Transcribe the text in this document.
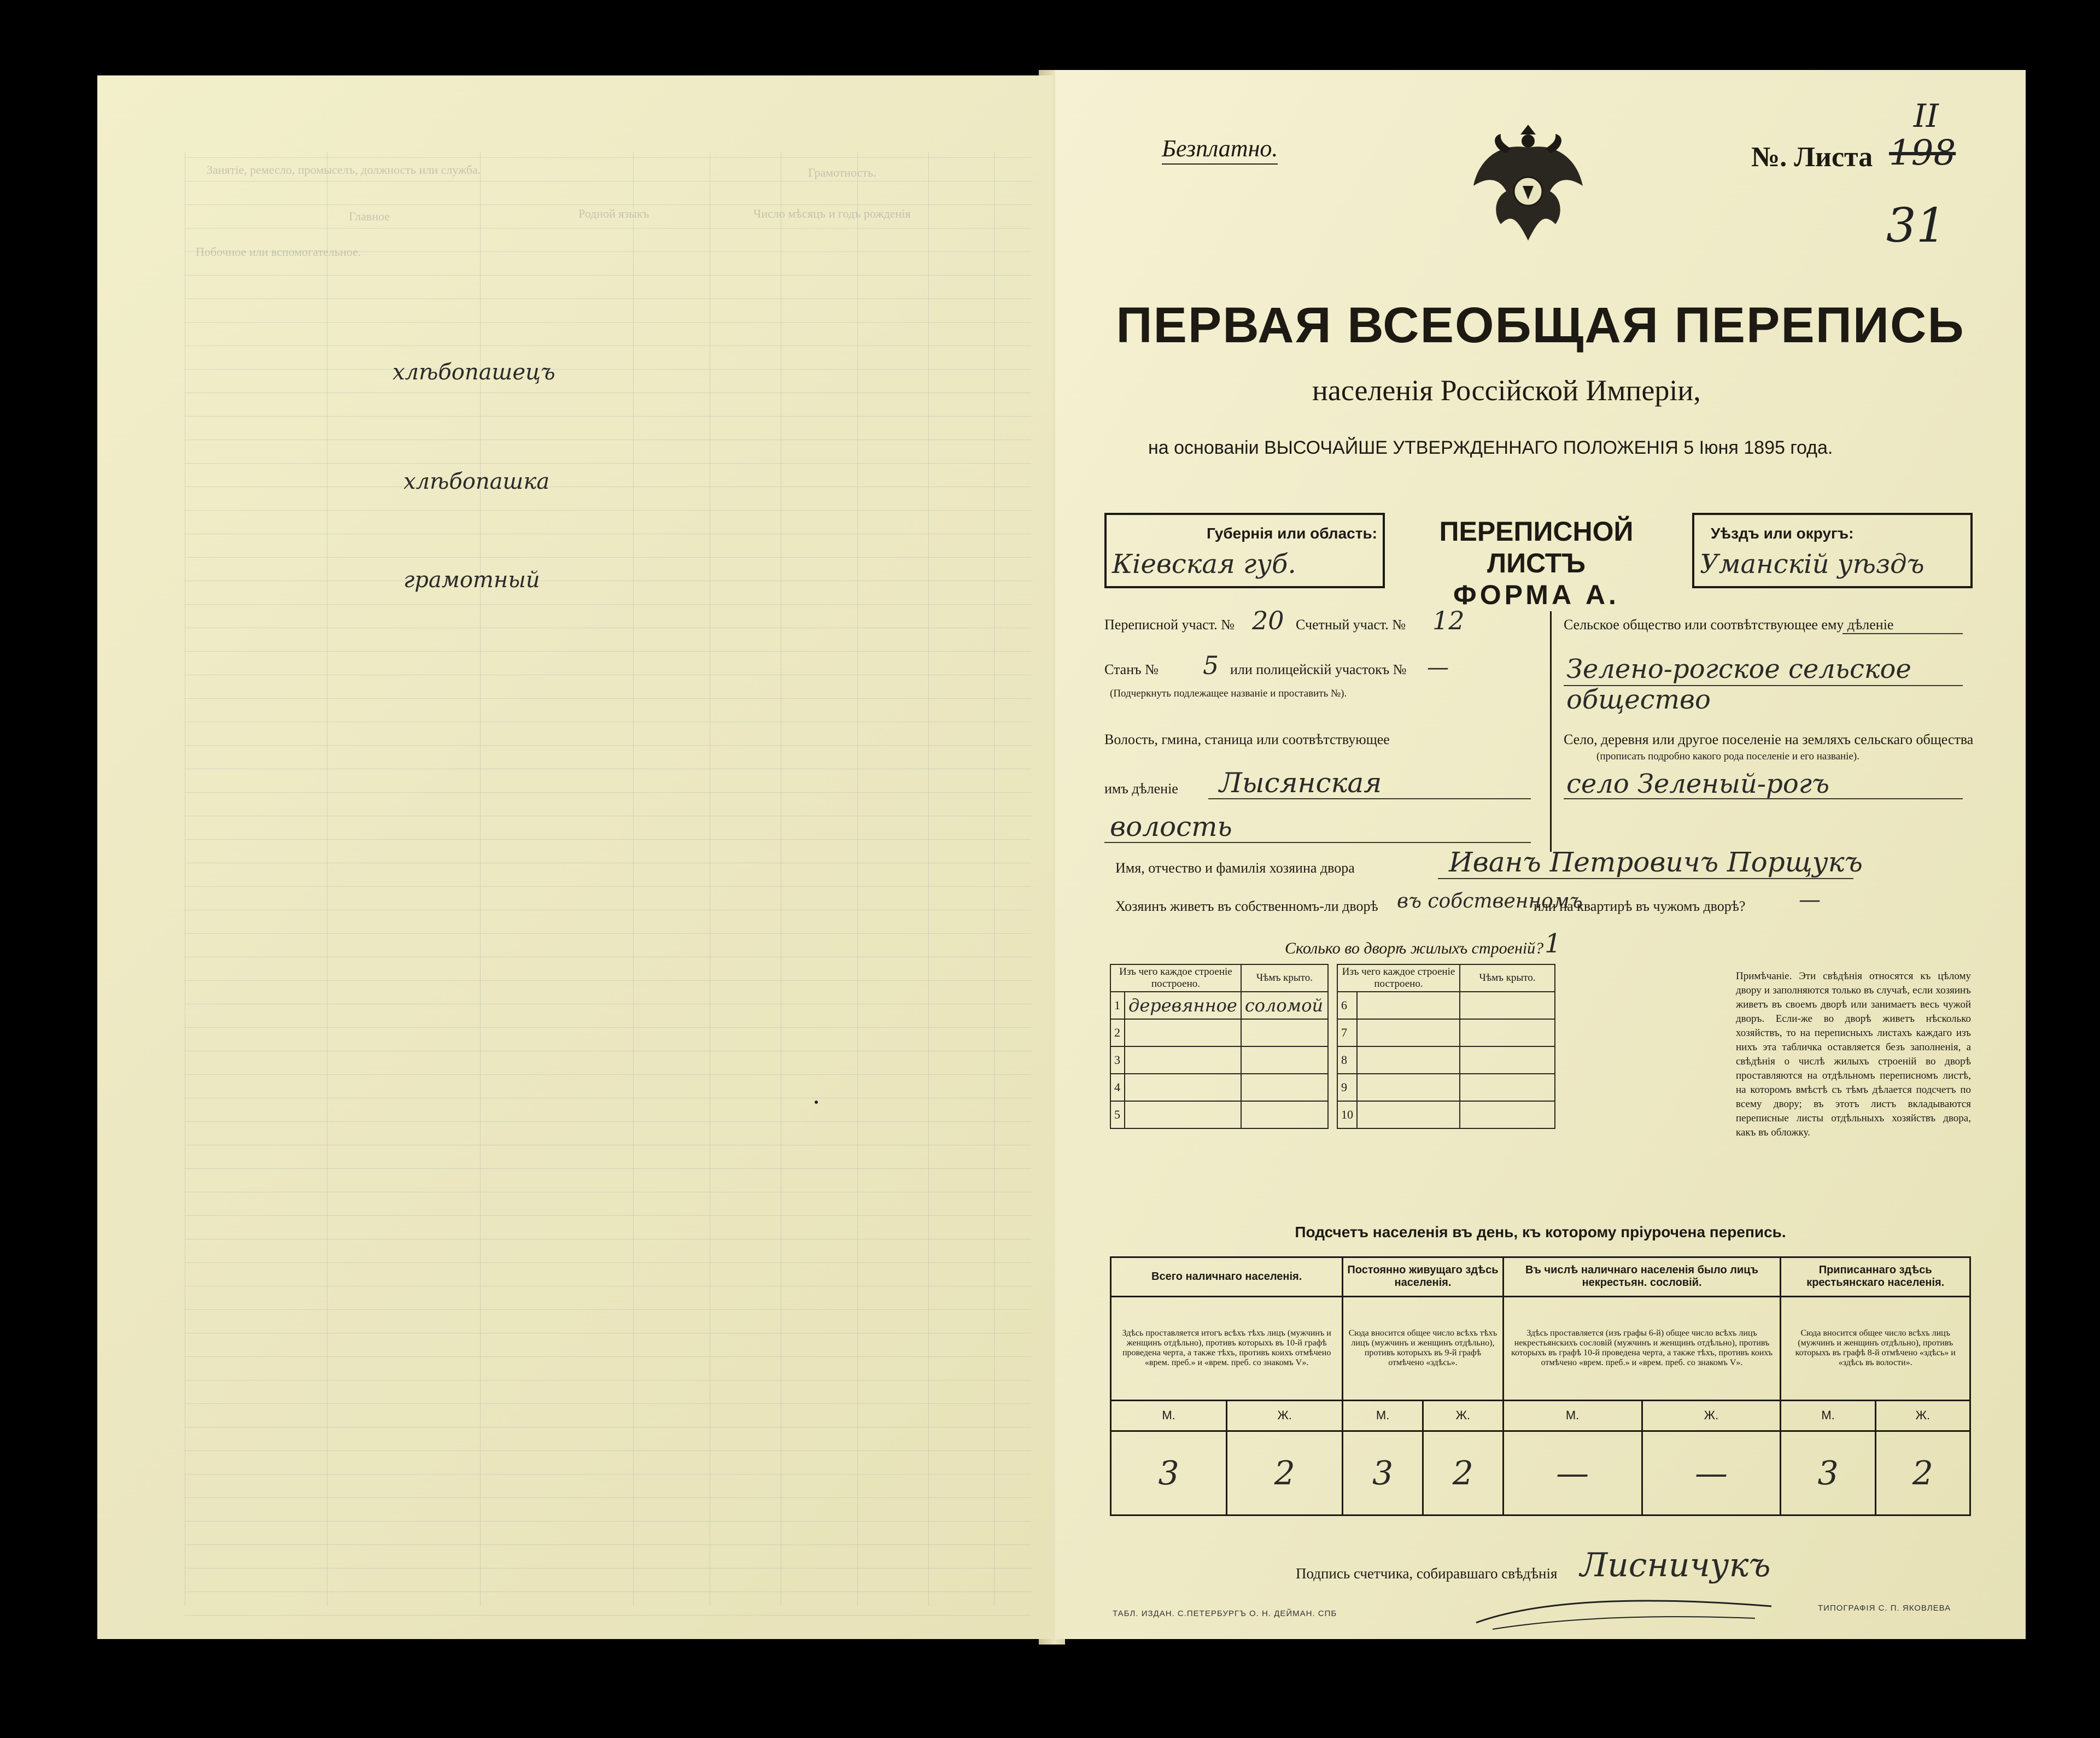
Занятіе, ремесло, промыселъ, должность или служба.	Грамотность.
Главное
Побочное или вспомогательное.
Число мѣсяцъ и годъ рожденія
Родной языкъ
хлѣбопашецъ
хлѣбопашка
грамотный
Безплатно.	№. Листа 198
II
31
ПЕРВАЯ ВСЕОБЩАЯ ПЕРЕПИСЬ
населенія Россійской Имперіи,
на основаніи ВЫСОЧАЙШЕ УТВЕРЖДЕННАГО ПОЛОЖЕНІЯ 5 Іюня 1895 года.
Губернія или область:
Кіевская губ.
ПЕРЕПИСНОЙ ЛИСТЪ
ФОРМА А.
Уѣздъ или округъ:
Уманскій уѣздъ
Переписной участ. № 20 Счетный участ. № 12
Станъ № 5 или полицейскій участокъ № —
(Подчеркнуть подлежащее названіе и проставить №).
Волость, гмина, станица или соотвѣтствующее
имъ дѣленіе Лысянская
волость
Сельское общество или соотвѣтствующее ему дѣленіе
Зелено-рогское сельское общество
Село, деревня или другое поселеніе на земляхъ сельскаго общества
(прописать подробно какого рода поселеніе и его названіе).
село Зеленый-рогъ
Имя, отчество и фамилія хозяина двора	Иванъ Петровичъ Порщукъ
Хозяинъ живетъ въ собственномъ-ли дворѣ въ собственномъ
или на квартирѣ въ чужомъ дворѣ? —
Сколько во дворѣ жилыхъ строеній? 1
Изъ чего каждое строеніе построено.		Чѣмъ крыто.
1	деревянное	соломой
2		
3		
4		
5		
Изъ чего каждое строеніе построено.		Чѣмъ крыто.
6		
7		
8		
9		
10		
Примѣчаніе. Эти свѣдѣнія относятся къ цѣлому двору и заполняются только въ случаѣ, если хозяинъ живетъ въ своемъ дворѣ или занимаетъ весь чужой дворъ. Если-же во дворѣ живетъ нѣсколько хозяйствъ, то на переписныхъ листахъ каждаго изъ нихъ эта табличка оставляется безъ заполненія, а свѣдѣнія о числѣ жилыхъ строеній во дворѣ проставляются на отдѣльномъ переписномъ листѣ, на которомъ вмѣстѣ съ тѣмъ дѣлается подсчетъ по всему двору; въ этотъ листъ вкладываются переписные листы отдѣльныхъ хозяйствъ двора, какъ въ обложку.
Подсчетъ населенія въ день, къ которому пріурочена перепись.
Всего наличнаго населенія.		Постоянно живущаго здѣсь населенія.		Въ числѣ наличнаго населенія было лицъ некрестьян. сословій.		Приписаннаго здѣсь крестьянскаго населенія.	
Здѣсь проставляется итогъ всѣхъ тѣхъ лицъ (мужчинъ и женщинъ отдѣльно), противъ которыхъ въ 10-й графѣ проведена черта, а также тѣхъ, противъ коихъ отмѣчено «врем. преб.» и «врем. преб. со знакомъ V».		Сюда вносится общее число всѣхъ тѣхъ лицъ (мужчинъ и женщинъ отдѣльно), противъ которыхъ въ 9-й графѣ отмѣчено «здѣсь».		Здѣсь проставляется (изъ графы 6-й) общее число всѣхъ лицъ некрестьянскихъ сословій (мужчинъ и женщинъ отдѣльно), противъ которыхъ въ графѣ 10-й проведена черта, а также тѣхъ, противъ коихъ отмѣчено «врем. преб.» и «врем. преб. со знакомъ V».		Сюда вносится общее число всѣхъ лицъ (мужчинъ и женщинъ отдѣльно), противъ которыхъ въ графѣ 8-й отмѣчено «здѣсь» и «здѣсь въ волости».	
М.	Ж.	М.	Ж.	М.	Ж.	М.	Ж.
3	2	3	2	—	—	3	2
Подпись счетчика, собиравшаго свѣдѣнія Лисничукъ
ТАБЛ. ИЗДАН. С.ПЕТЕРБУРГЪ О. Н. ДЕЙМАН. СПБ
ТИПОГРАФІЯ С. П. ЯКОВЛЕВА
